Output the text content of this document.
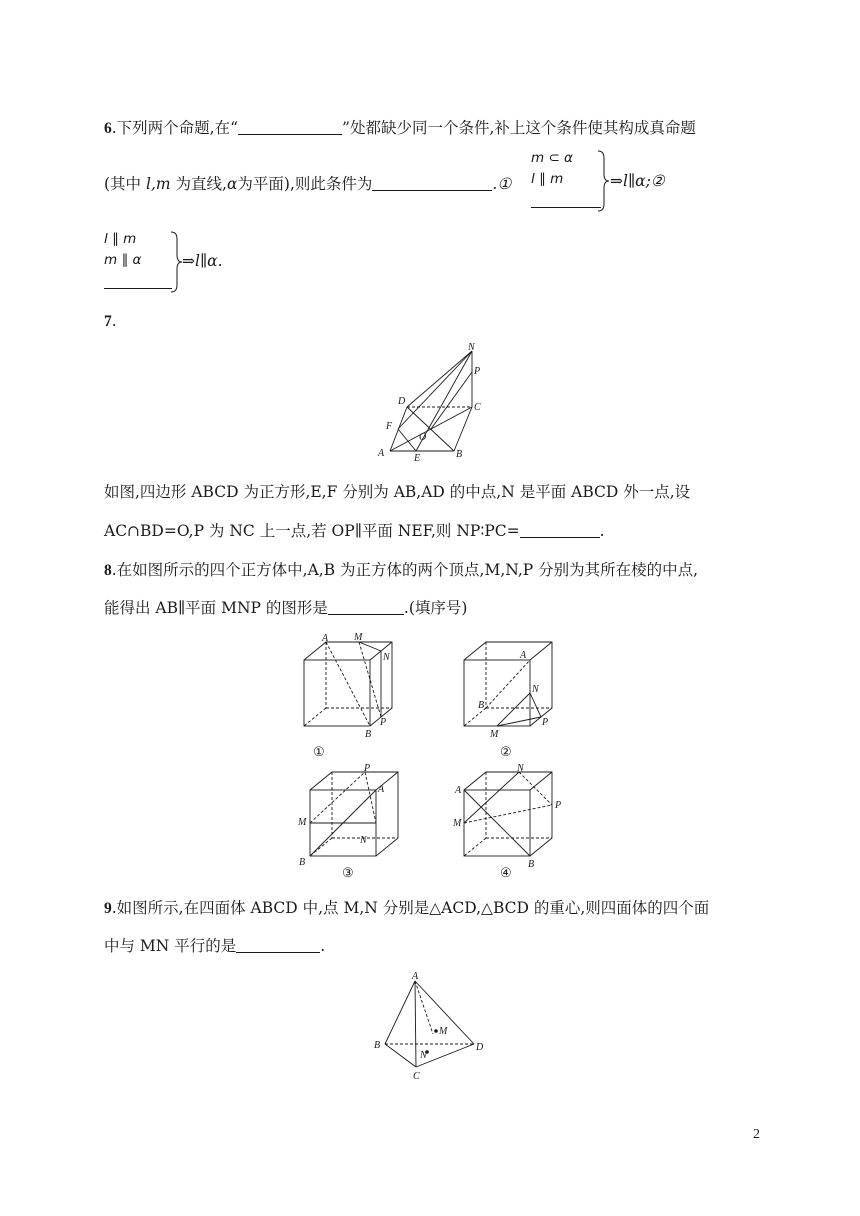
6.下列两个命题,在“	”处都缺少同一个条件,补上这个条件使其构成真命题
(其中 l,m 为直线,α为平面),则此条件为	.①
m ⊂ α
l ∥ m	⇒l∥α;②
l ∥ m
m ∥ α	⇒l∥α.
7.
N
P
D
C
F
O
A	E	B
如图,四边形 ABCD 为正方形,E,F 分别为 AB,AD 的中点,N 是平面 ABCD 外一点,设
AC∩BD=O,P 为 NC 上一点,若 OP∥平面 NEF,则 NP∶PC=	.
8.在如图所示的四个正方体中,A,B 为正方体的两个顶点,M,N,P 分别为其所在棱的中点,
能得出 AB∥平面 MNP 的图形是	.(填序号)
A	M
N
P
B
A
N
B
M
P
P
A
M
N
B
N
A
P
M
B
①	②
③	④
9.如图所示,在四面体 ABCD 中,点 M,N 分别是△ACD,△BCD 的重心,则四面体的四个面
中与 MN 平行的是	.
A
B
C
D
M
N
2
